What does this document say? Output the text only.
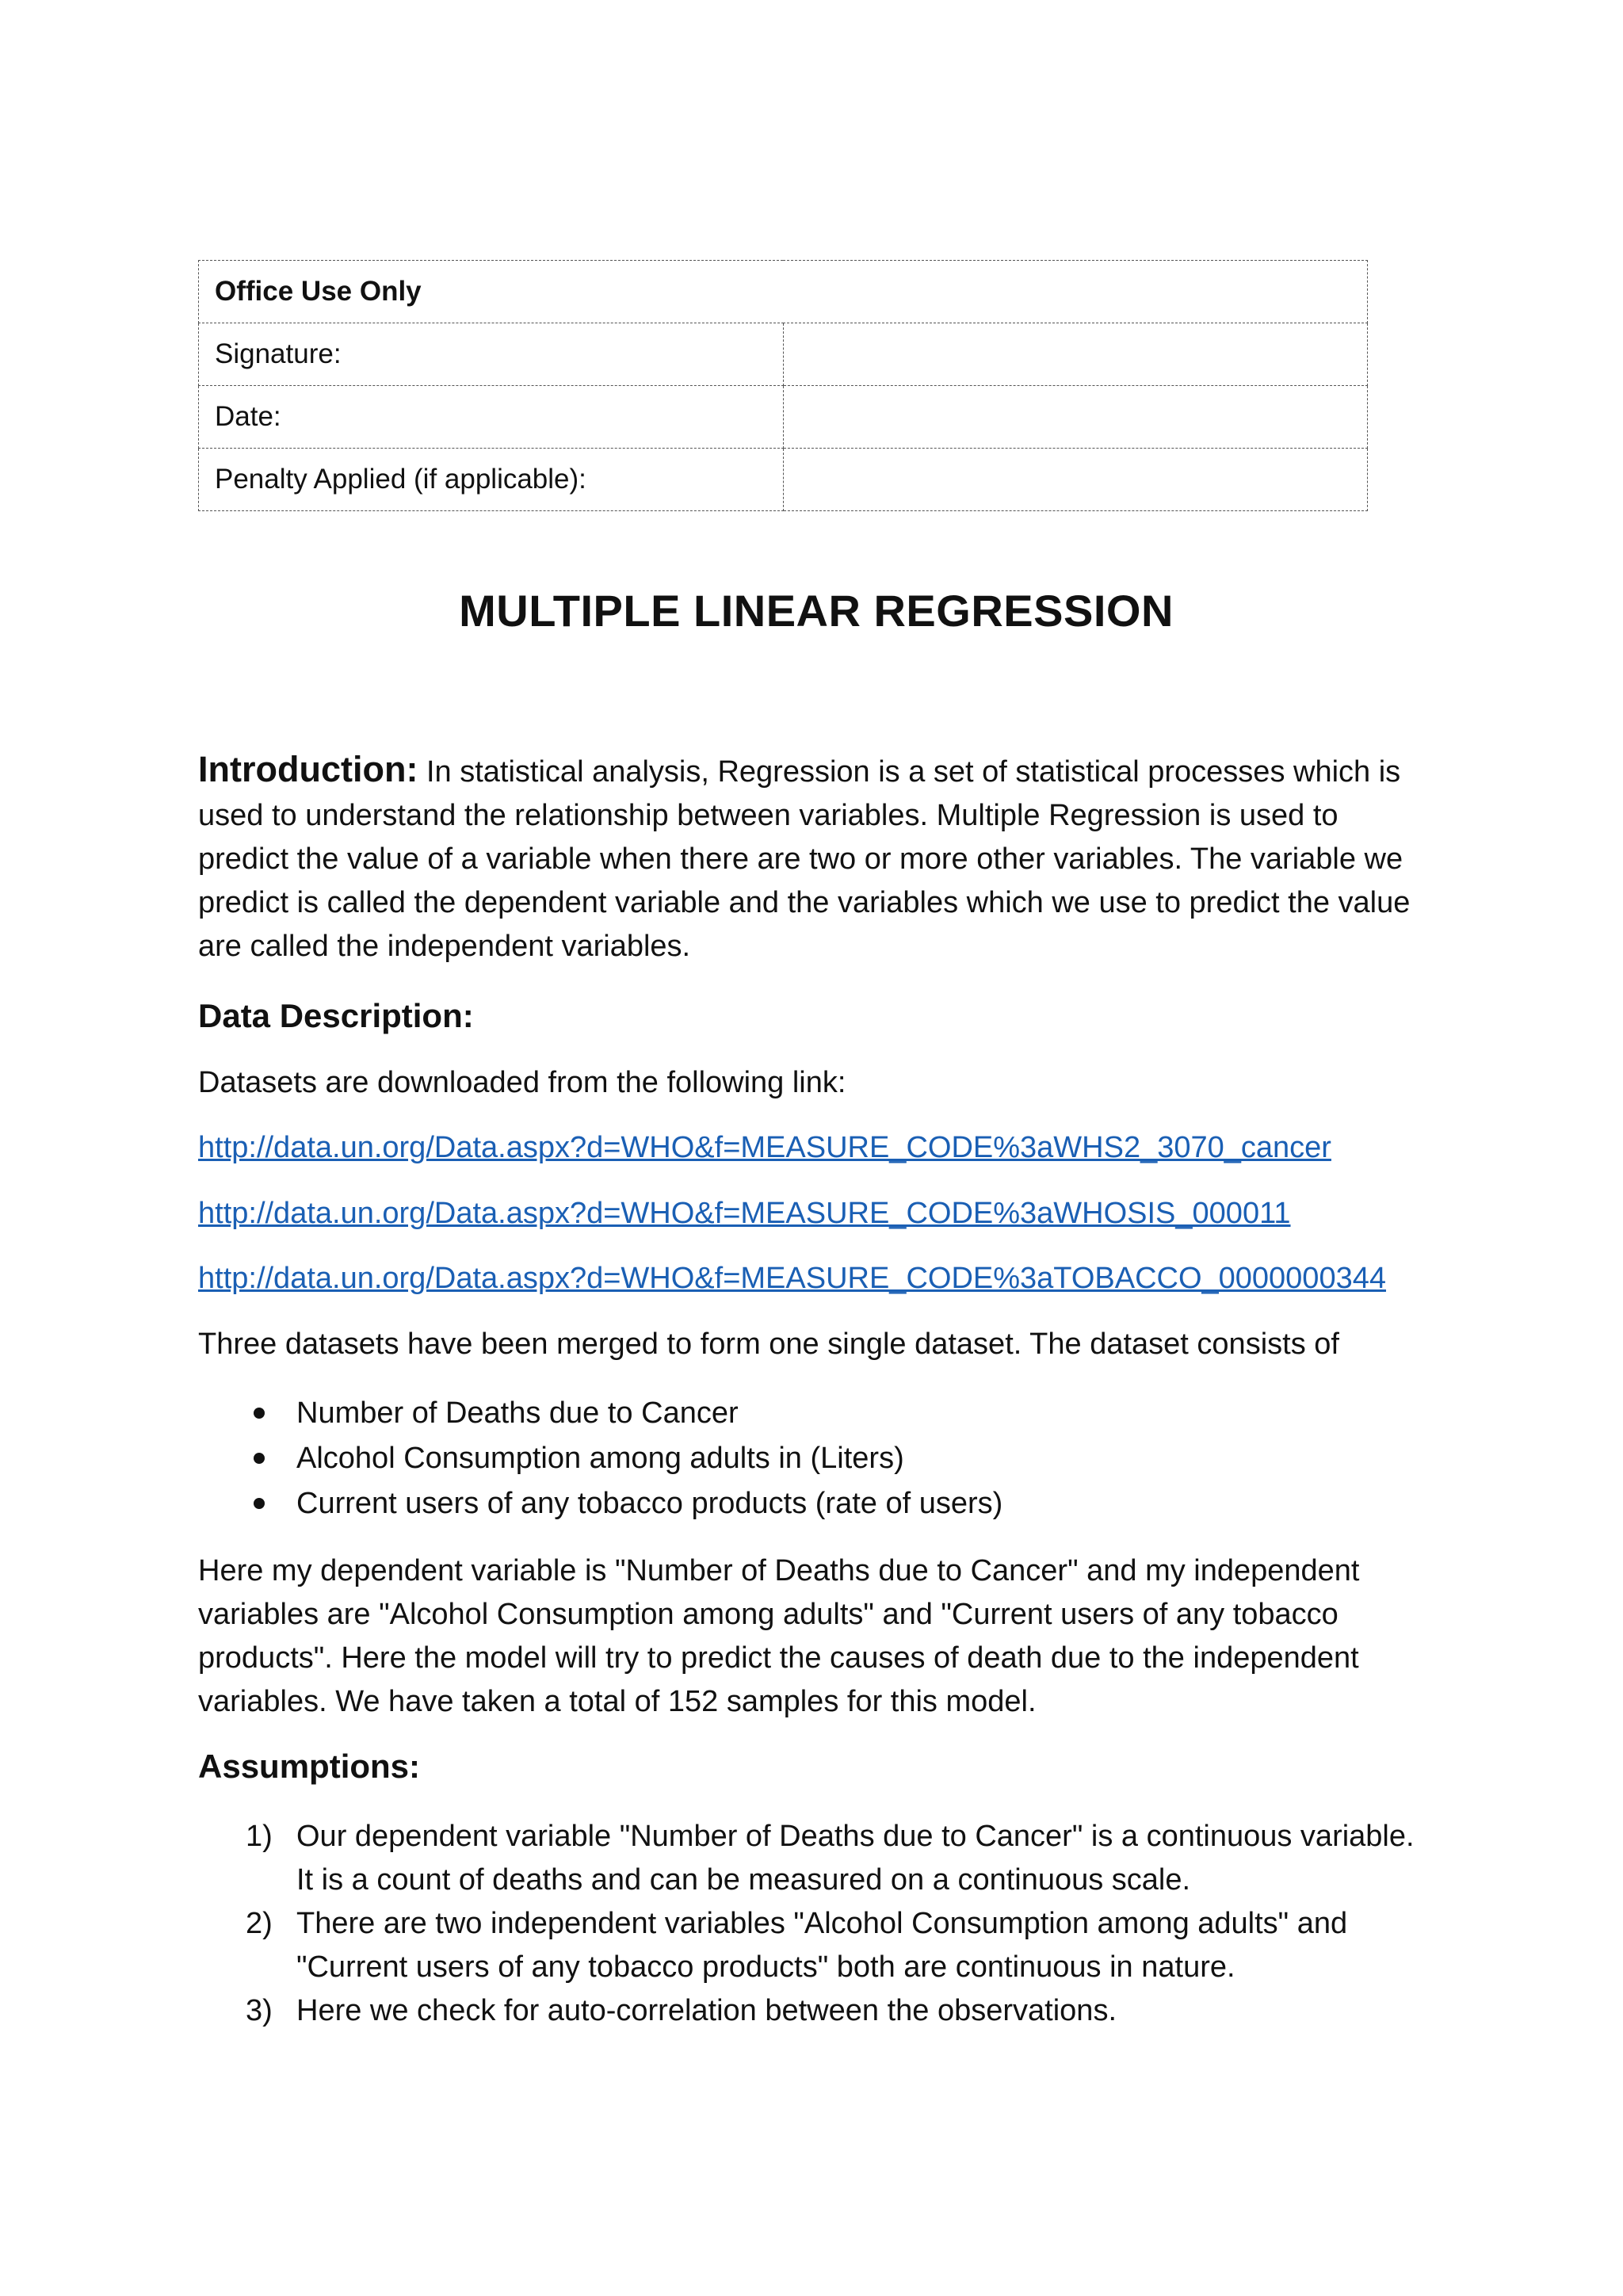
Office Use Only	
Signature:	
Date:	
Penalty Applied (if applicable):	
MULTIPLE LINEAR REGRESSION
Introduction: In statistical analysis, Regression is a set of statistical processes which is used to understand the relationship between variables. Multiple Regression is used to predict the value of a variable when there are two or more other variables. The variable we predict is called the dependent variable and the variables which we use to predict the value are called the independent variables.
Data Description:
Datasets are downloaded from the following link:
http://data.un.org/Data.aspx?d=WHO&f=MEASURE_CODE%3aWHS2_3070_cancer
http://data.un.org/Data.aspx?d=WHO&f=MEASURE_CODE%3aWHOSIS_000011
http://data.un.org/Data.aspx?d=WHO&f=MEASURE_CODE%3aTOBACCO_0000000344
Three datasets have been merged to form one single dataset. The dataset consists of
Number of Deaths due to Cancer
Alcohol Consumption among adults in (Liters)
Current users of any tobacco products (rate of users)
Here my dependent variable is "Number of Deaths due to Cancer" and my independent variables are "Alcohol Consumption among adults" and "Current users of any tobacco products". Here the model will try to predict the causes of death due to the independent variables. We have taken a total of 152 samples for this model.
Assumptions:
1) Our dependent variable "Number of Deaths due to Cancer" is a continuous variable. It is a count of deaths and can be measured on a continuous scale.
2) There are two independent variables "Alcohol Consumption among adults" and "Current users of any tobacco products" both are continuous in nature.
3) Here we check for auto-correlation between the observations.
